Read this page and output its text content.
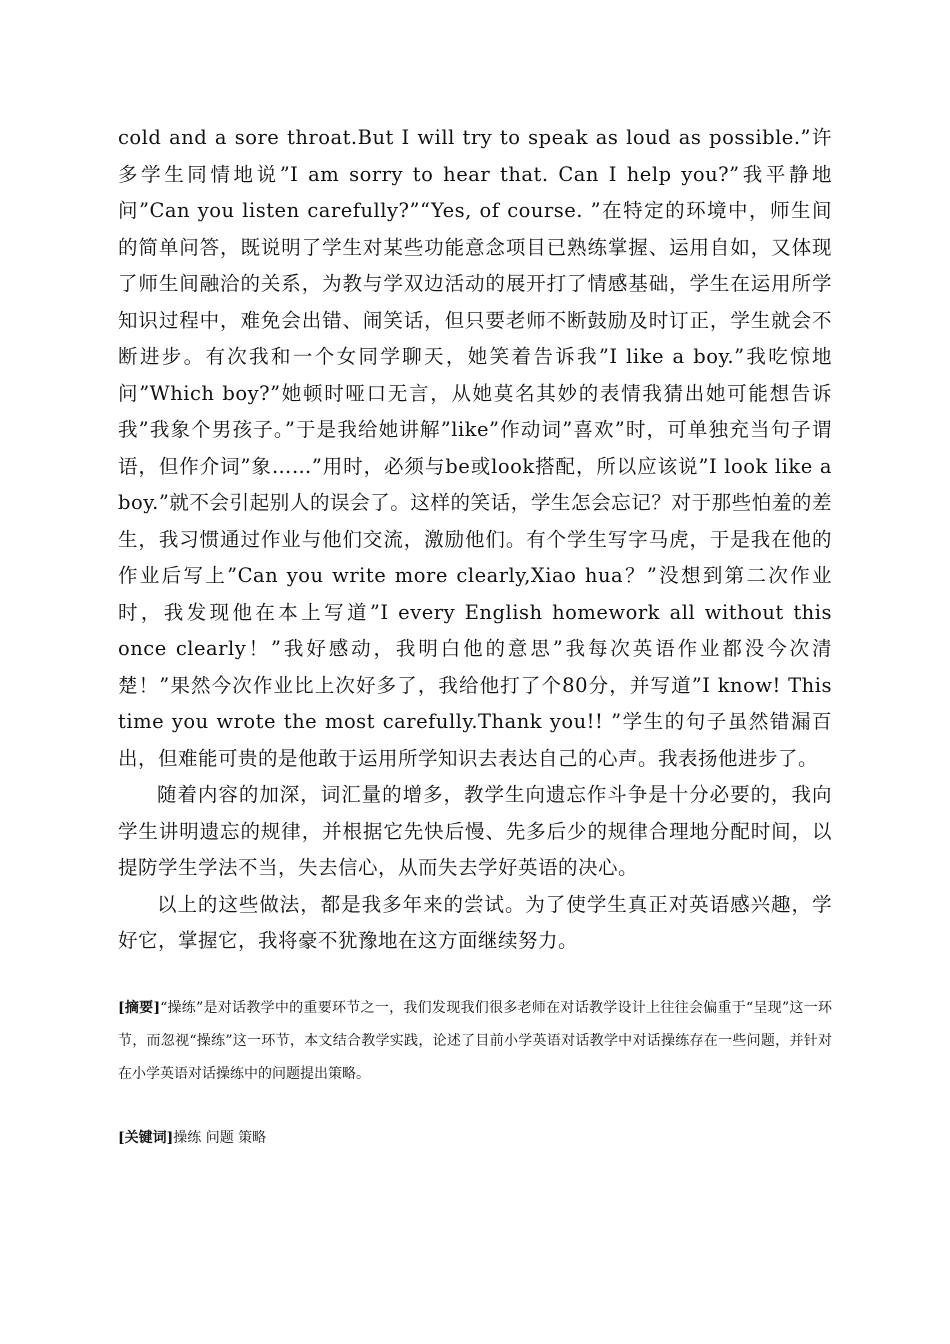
cold and a sore throat.But I will try to speak as loud as possible.”许多学生同情地说”I am sorry to hear that. Can I help you?”我平静地问”Can you listen carefully?”“Yes, of course. ”在特定的环境中，师生间的简单问答，既说明了学生对某些功能意念项目已熟练掌握、运用自如，又体现了师生间融洽的关系，为教与学双边活动的展开打了情感基础，学生在运用所学知识过程中，难免会出错、闹笑话，但只要老师不断鼓励及时订正，学生就会不断进步。有次我和一个女同学聊天，她笑着告诉我”I like a boy.”我吃惊地问”Which boy?”她顿时哑口无言，从她莫名其妙的表情我猜出她可能想告诉我”我象个男孩子。”于是我给她讲解”like”作动词”喜欢”时，可单独充当句子谓语，但作介词”象……”用时，必须与be或look搭配，所以应该说”I look like a boy.”就不会引起别人的误会了。这样的笑话，学生怎会忘记？对于那些怕羞的差生，我习惯通过作业与他们交流，激励他们。有个学生写字马虎，于是我在他的作业后写上”Can you write more clearly,Xiao hua？”没想到第二次作业时，我发现他在本上写道”I every English homework all without this once clearly！”我好感动，我明白他的意思”我每次英语作业都没今次清楚！”果然今次作业比上次好多了，我给他打了个80分，并写道”I know! This time you wrote the most carefully.Thank you!! ”学生的句子虽然错漏百出，但难能可贵的是他敢于运用所学知识去表达自己的心声。我表扬他进步了。

随着内容的加深，词汇量的增多，教学生向遗忘作斗争是十分必要的，我向学生讲明遗忘的规律，并根据它先快后慢、先多后少的规律合理地分配时间，以提防学生学法不当，失去信心，从而失去学好英语的决心。

以上的这些做法，都是我多年来的尝试。为了使学生真正对英语感兴趣，学好它，掌握它，我将豪不犹豫地在这方面继续努力。

[摘要]“操练”是对话教学中的重要环节之一，我们发现我们很多老师在对话教学设计上往往会偏重于“呈现”这一环节，而忽视“操练”这一环节，本文结合教学实践，论述了目前小学英语对话教学中对话操练存在一些问题，并针对在小学英语对话操练中的问题提出策略。

[关键词]操练 问题 策略
